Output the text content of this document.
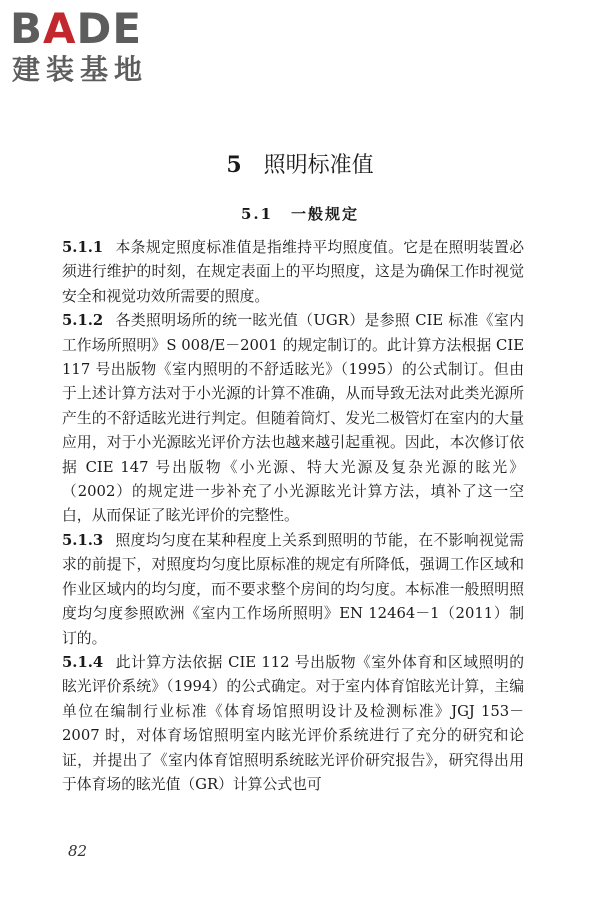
BADE
建装基地
5 照明标准值
5.1 一般规定

5.1.1 本条规定照度标准值是指维持平均照度值。它是在照明装置必须进行维护的时刻，在规定表面上的平均照度，这是为确保工作时视觉安全和视觉功效所需要的照度。

5.1.2 各类照明场所的统一眩光值（UGR）是参照 CIE 标准《室内工作场所照明》S 008/E－2001 的规定制订的。此计算方法根据 CIE 117 号出版物《室内照明的不舒适眩光》（1995）的公式制订。但由于上述计算方法对于小光源的计算不准确，从而导致无法对此类光源所产生的不舒适眩光进行判定。但随着筒灯、发光二极管灯在室内的大量应用，对于小光源眩光评价方法也越来越引起重视。因此，本次修订依据 CIE 147 号出版物《小光源、特大光源及复杂光源的眩光》（2002）的规定进一步补充了小光源眩光计算方法，填补了这一空白，从而保证了眩光评价的完整性。

5.1.3 照度均匀度在某种程度上关系到照明的节能，在不影响视觉需求的前提下，对照度均匀度比原标准的规定有所降低，强调工作区域和作业区域内的均匀度，而不要求整个房间的均匀度。本标准一般照明照度均匀度参照欧洲《室内工作场所照明》EN 12464－1（2011）制订的。

5.1.4 此计算方法依据 CIE 112 号出版物《室外体育和区域照明的眩光评价系统》（1994）的公式确定。对于室内体育馆眩光计算，主编单位在编制行业标准《体育场馆照明设计及检测标准》JGJ 153－2007 时，对体育场馆照明室内眩光评价系统进行了充分的研究和论证，并提出了《室内体育馆照明系统眩光评价研究报告》，研究得出用于体育场的眩光值（GR）计算公式也可

82
